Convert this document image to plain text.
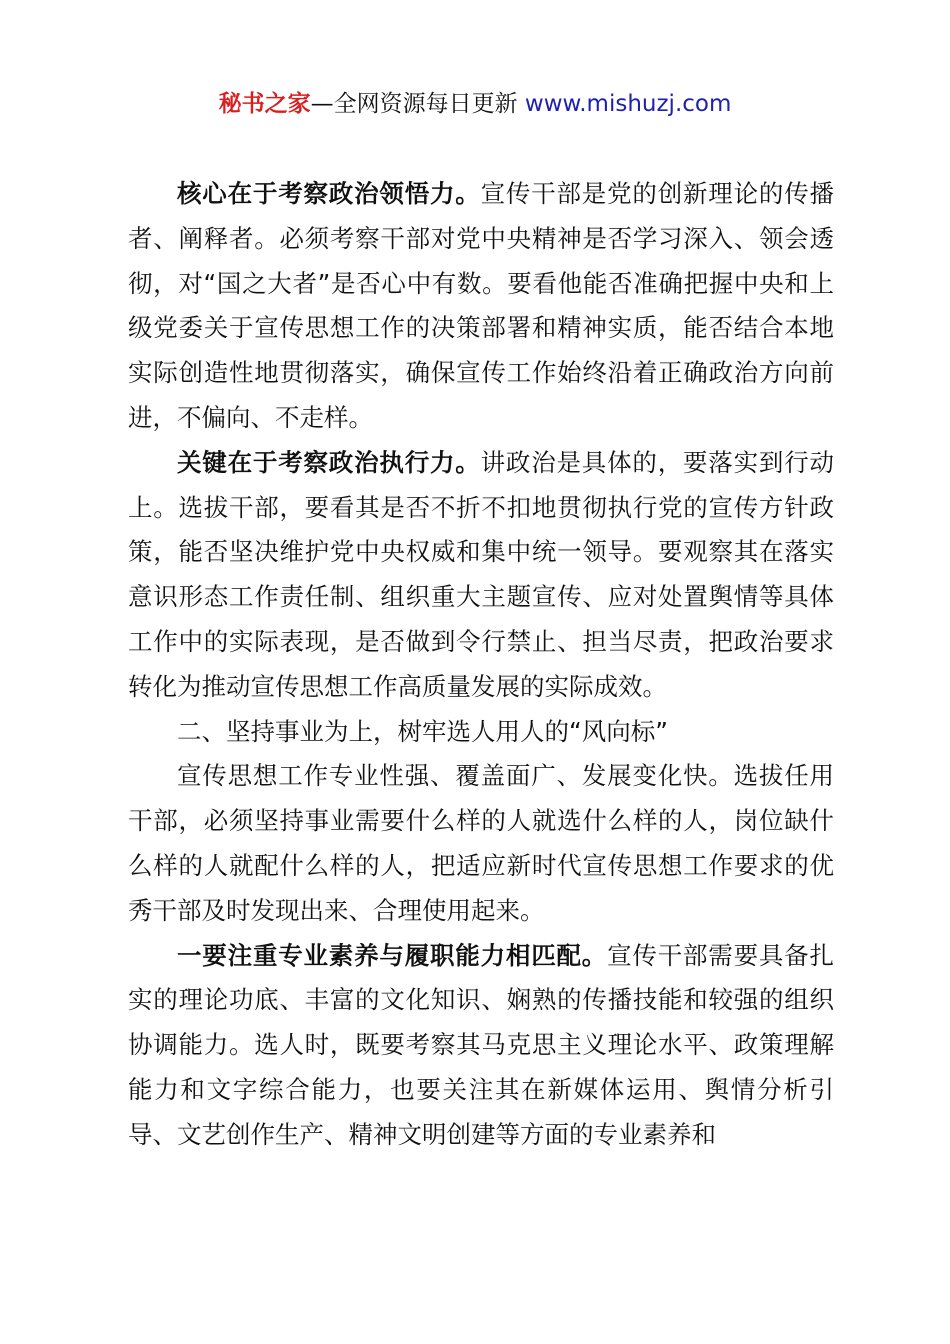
秘书之家—全网资源每日更新 www.mishuzj.com

核心在于考察政治领悟力。宣传干部是党的创新理论的传播者、阐释者。必须考察干部对党中央精神是否学习深入、领会透彻，对“国之大者”是否心中有数。要看他能否准确把握中央和上级党委关于宣传思想工作的决策部署和精神实质，能否结合本地实际创造性地贯彻落实，确保宣传工作始终沿着正确政治方向前进，不偏向、不走样。

关键在于考察政治执行力。讲政治是具体的，要落实到行动上。选拔干部，要看其是否不折不扣地贯彻执行党的宣传方针政策，能否坚决维护党中央权威和集中统一领导。要观察其在落实意识形态工作责任制、组织重大主题宣传、应对处置舆情等具体工作中的实际表现，是否做到令行禁止、担当尽责，把政治要求转化为推动宣传思想工作高质量发展的实际成效。

二、坚持事业为上，树牢选人用人的“风向标”

宣传思想工作专业性强、覆盖面广、发展变化快。选拔任用干部，必须坚持事业需要什么样的人就选什么样的人，岗位缺什么样的人就配什么样的人，把适应新时代宣传思想工作要求的优秀干部及时发现出来、合理使用起来。

一要注重专业素养与履职能力相匹配。宣传干部需要具备扎实的理论功底、丰富的文化知识、娴熟的传播技能和较强的组织协调能力。选人时，既要考察其马克思主义理论水平、政策理解能力和文字综合能力，也要关注其在新媒体运用、舆情分析引导、文艺创作生产、精神文明创建等方面的专业素养和
